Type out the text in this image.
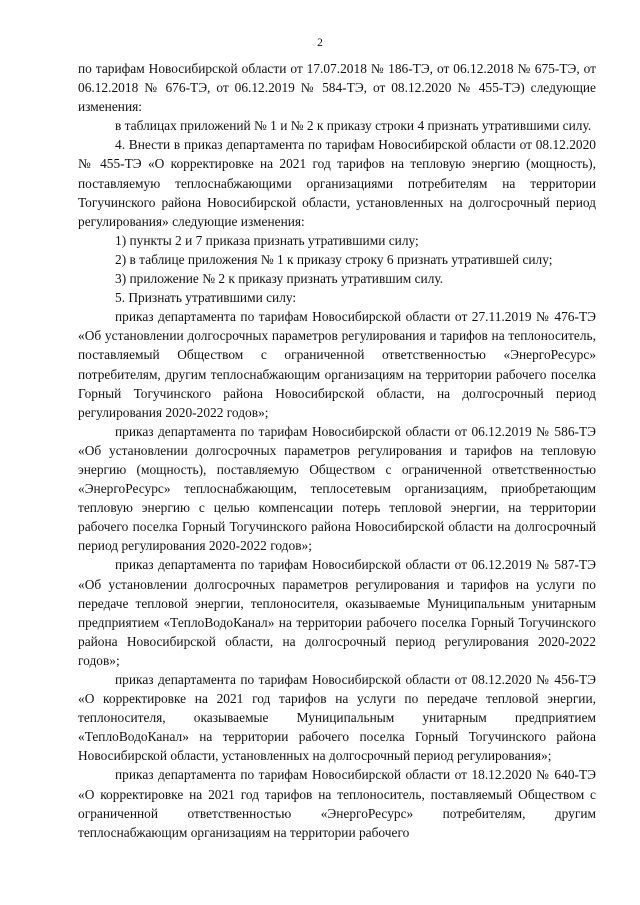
2

по тарифам Новосибирской области от 17.07.2018 № 186-ТЭ, от 06.12.2018 № 675-ТЭ, от 06.12.2018 № 676-ТЭ, от 06.12.2019 № 584-ТЭ, от 08.12.2020 № 455-ТЭ) следующие изменения:

в таблицах приложений № 1 и № 2 к приказу строки 4 признать утратившими силу.

4. Внести в приказ департамента по тарифам Новосибирской области от 08.12.2020 № 455-ТЭ «О корректировке на 2021 год тарифов на тепловую энергию (мощность), поставляемую теплоснабжающими организациями потребителям на территории Тогучинского района Новосибирской области, установленных на долгосрочный период регулирования» следующие изменения:

1) пункты 2 и 7 приказа признать утратившими силу;

2) в таблице приложения № 1 к приказу строку 6 признать утратившей силу;

3) приложение № 2 к приказу признать утратившим силу.

5. Признать утратившими силу:

приказ департамента по тарифам Новосибирской области от 27.11.2019 № 476-ТЭ «Об установлении долгосрочных параметров регулирования и тарифов на теплоноситель, поставляемый Обществом с ограниченной ответственностью «ЭнергоРесурс» потребителям, другим теплоснабжающим организациям на территории рабочего поселка Горный Тогучинского района Новосибирской области, на долгосрочный период регулирования 2020-2022 годов»;

приказ департамента по тарифам Новосибирской области от 06.12.2019 № 586-ТЭ «Об установлении долгосрочных параметров регулирования и тарифов на тепловую энергию (мощность), поставляемую Обществом с ограниченной ответственностью «ЭнергоРесурс» теплоснабжающим, теплосетевым организациям, приобретающим тепловую энергию с целью компенсации потерь тепловой энергии, на территории рабочего поселка Горный Тогучинского района Новосибирской области на долгосрочный период регулирования 2020-2022 годов»;

приказ департамента по тарифам Новосибирской области от 06.12.2019 № 587-ТЭ «Об установлении долгосрочных параметров регулирования и тарифов на услуги по передаче тепловой энергии, теплоносителя, оказываемые Муниципальным унитарным предприятием «ТеплоВодоКанал» на территории рабочего поселка Горный Тогучинского района Новосибирской области, на долгосрочный период регулирования 2020-2022 годов»;

приказ департамента по тарифам Новосибирской области от 08.12.2020 № 456-ТЭ «О корректировке на 2021 год тарифов на услуги по передаче тепловой энергии, теплоносителя, оказываемые Муниципальным унитарным предприятием «ТеплоВодоКанал» на территории рабочего поселка Горный Тогучинского района Новосибирской области, установленных на долгосрочный период регулирования»;

приказ департамента по тарифам Новосибирской области от 18.12.2020 № 640-ТЭ «О корректировке на 2021 год тарифов на теплоноситель, поставляемый Обществом с ограниченной ответственностью «ЭнергоРесурс» потребителям, другим теплоснабжающим организациям на территории рабочего
